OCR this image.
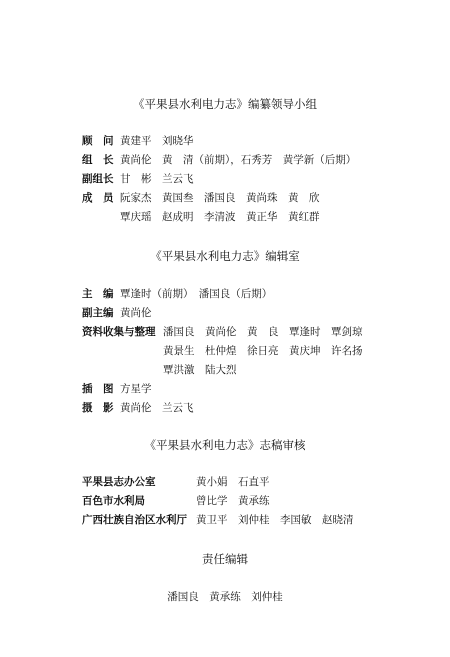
《平果县水利电力志》编纂领导小组
顾　问 黄建平　刘晓华
组　长 黄尚伦　黄　清（前期），石秀芳　黄学新（后期）
副组长 甘　彬　兰云飞
成　员 阮家杰　黄国叁　潘国良　黄尚珠　黄　欣
覃庆瑶　赵成明　李清波　黄正华　黄红群
《平果县水利电力志》编辑室
主　编 覃逢时（前期）　潘国良（后期）
副主编 黄尚伦
资料收集与整理 潘国良　黄尚伦　黄　良　覃逢时　覃剑琼
黄景生　杜仲煌　徐日亮　黄庆坤　许名扬
覃洪激　陆大烈
插　图 方星学
摄　影 黄尚伦　兰云飞
《平果县水利电力志》志稿审核
平果县志办公室	黄小娟　石直平
百色市水利局	曾比学　黄承练
广西壮族自治区水利厅 黄卫平　刘仲桂　李国敏　赵晓清
责任编辑
潘国良　黄承练　刘仲桂
